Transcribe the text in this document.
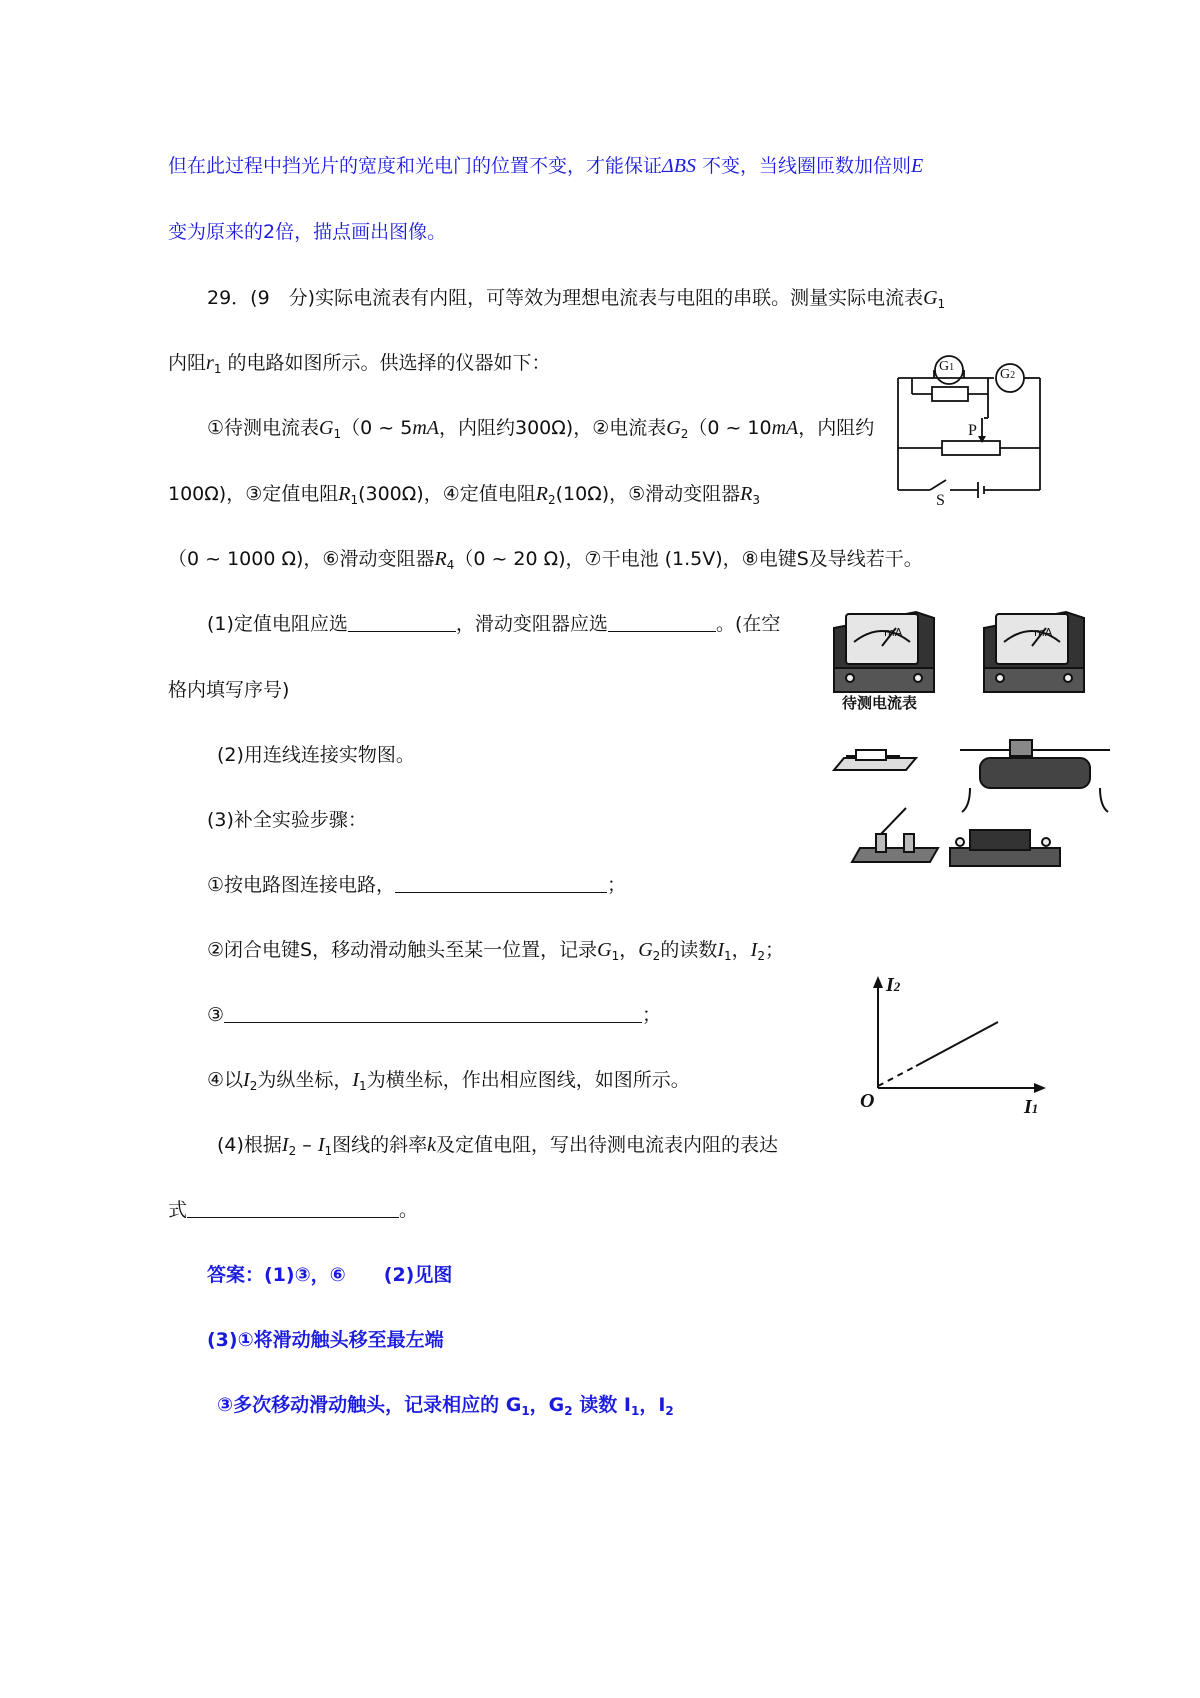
但在此过程中挡光片的宽度和光电门的位置不变，才能保证ΔBS 不变，当线圈匝数加倍则E
变为原来的2倍，描点画出图像。
29．(9　分)实际电流表有内阻，可等效为理想电流表与电阻的串联。测量实际电流表$G_1$
内阻$r_1$ 的电路如图所示。供选择的仪器如下：
①待测电流表$G_1(0$ ~ 5mA，内阻约300Ω)，②电流表$G_2(0$ ~ 10mA，内阻约
100Ω)，③定值电阻$R_1(300\Omega)$，④定值电阻$R_2(10\Omega)$，⑤滑动变阻器$R_3$
（0 ~ 1000 Ω)，⑥滑动变阻器$R_4(0$ ~ 20 Ω)，⑦干电池 (1.5V)，⑧电键S及导线若干。
(1)定值电阻应选	，滑动变阻器应选	。(在空
格内填写序号)
(2)用连线连接实物图。
(3)补全实验步骤：
①按电路图连接电路，	；
②闭合电键S，移动滑动触头至某一位置，记录$G_1$，$G_2$的读数$I_1$，$I_2$；
③	；
④以$I_2$为纵坐标，$I_1$为横坐标，作出相应图线，如图所示。
(4)根据$I_2 - I_1$图线的斜率k及定值电阻，写出待测电流表内阻的表达
式	。
答案：(1)③，⑥　　(2)见图
(3)①将滑动触头移至最左端
③多次移动滑动触头，记录相应的 $G_1$，$G_2$ 读数 $I_1$，$I_2$
G1	G2
P
S
mA	mA
待测电流表
I2
O	I1
